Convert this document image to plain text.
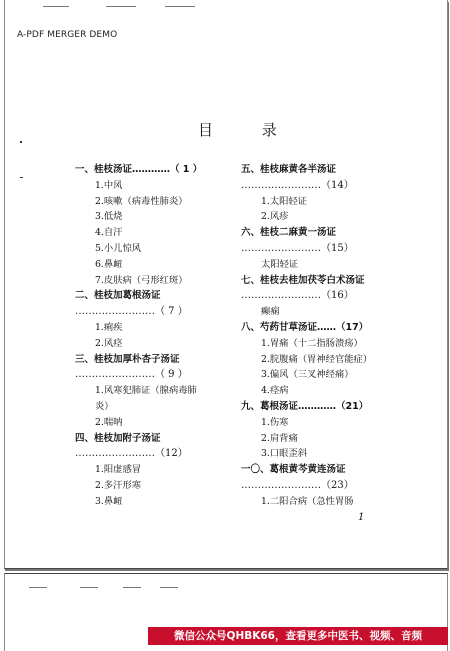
A-PDF MERGER DEMO
目 录
一、桂枝汤证…………（ 1 ）
1.中风
2.咳嗽（病毒性肺炎）
3.低烧
4.自汗
5.小儿惊风
6.鼻衄
7.皮肤病（弓形红斑）
二、桂枝加葛根汤证
……………………（ 7 ）
1.痢疾
2.风痉
三、桂枝加厚朴杏子汤证
……………………（ 9 ）
1.风寒犯肺证（腺病毒肺
炎）
2.喘呐
四、桂枝加附子汤证
……………………（12）
1.阳虚感冒
2.多汗形寒
3.鼻衄
五、桂枝麻黄各半汤证
……………………（14）
1.太阳轻证
2.风疹
六、桂枝二麻黄一汤证
……………………（15）
太阳轻证
七、桂枝去桂加茯苓白术汤证
……………………（16）
癫痫
八、芍药甘草汤证……（17）
1.胃痛（十二指肠溃疡）
2.脘腹痛（胃神经官能症）
3.偏风（三叉神经痛）
4.痉病
九、葛根汤证…………（21）
1.伤寒
2.肩背痛
3.口眼歪斜
一〇、葛根黄芩黄连汤证
……………………（23）
1.二阳合病（急性胃肠
1
微信公众号QHBK66，查看更多中医书、视频、音频
